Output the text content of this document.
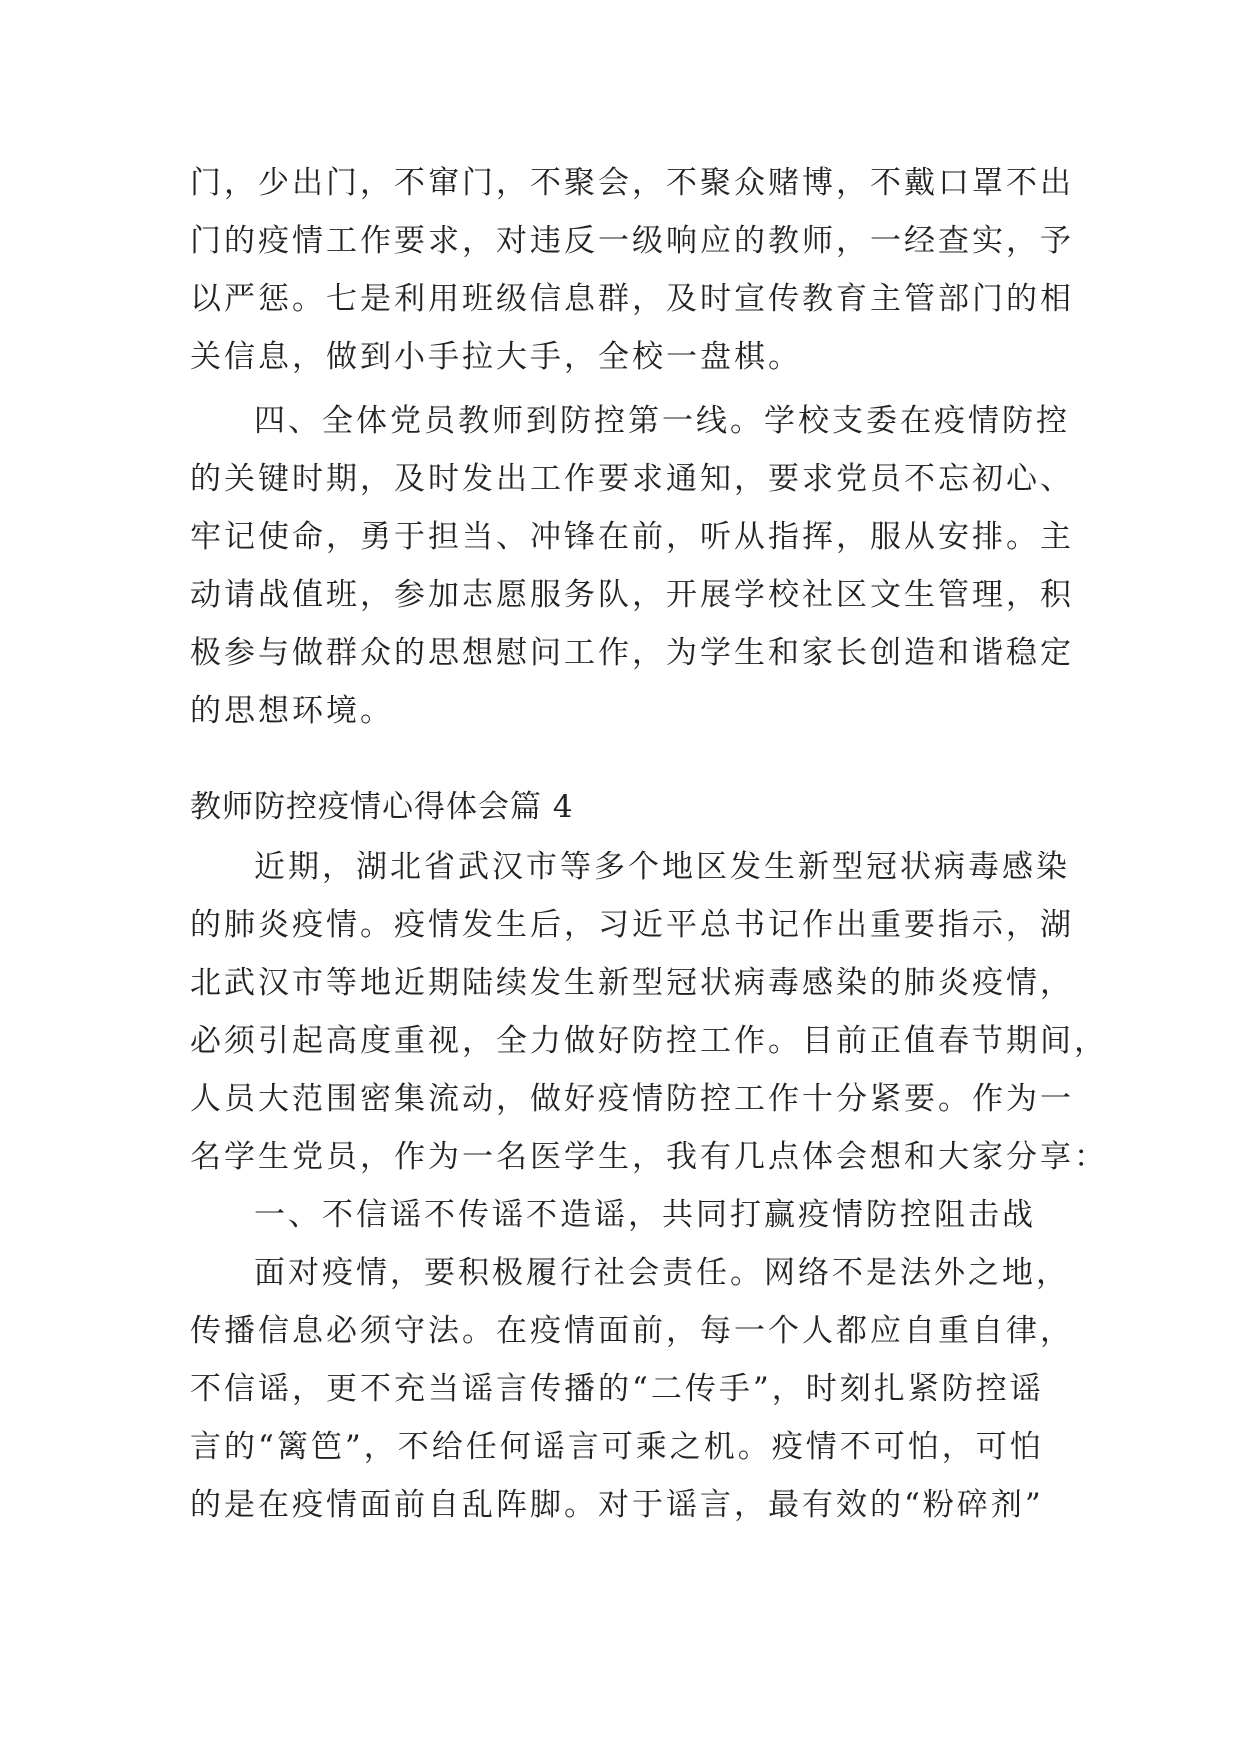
门，少出门，不窜门，不聚会，不聚众赌博，不戴口罩不出
门的疫情工作要求，对违反一级响应的教师，一经查实，予
以严惩。七是利用班级信息群，及时宣传教育主管部门的相
关信息，做到小手拉大手，全校一盘棋。
四、全体党员教师到防控第一线。学校支委在疫情防控
的关键时期，及时发出工作要求通知，要求党员不忘初心、
牢记使命，勇于担当、冲锋在前，听从指挥，服从安排。主
动请战值班，参加志愿服务队，开展学校社区文生管理，积
极参与做群众的思想慰问工作，为学生和家长创造和谐稳定
的思想环境。
教师防控疫情心得体会篇 4
近期，湖北省武汉市等多个地区发生新型冠状病毒感染
的肺炎疫情。疫情发生后，习近平总书记作出重要指示，湖
北武汉市等地近期陆续发生新型冠状病毒感染的肺炎疫情，
必须引起高度重视，全力做好防控工作。目前正值春节期间，
人员大范围密集流动，做好疫情防控工作十分紧要。作为一
名学生党员，作为一名医学生，我有几点体会想和大家分享：
一、不信谣不传谣不造谣，共同打赢疫情防控阻击战
面对疫情，要积极履行社会责任。网络不是法外之地，
传播信息必须守法。在疫情面前，每一个人都应自重自律，
不信谣，更不充当谣言传播的“二传手”，时刻扎紧防控谣
言的“篱笆”，不给任何谣言可乘之机。疫情不可怕，可怕
的是在疫情面前自乱阵脚。对于谣言，最有效的“粉碎剂”
